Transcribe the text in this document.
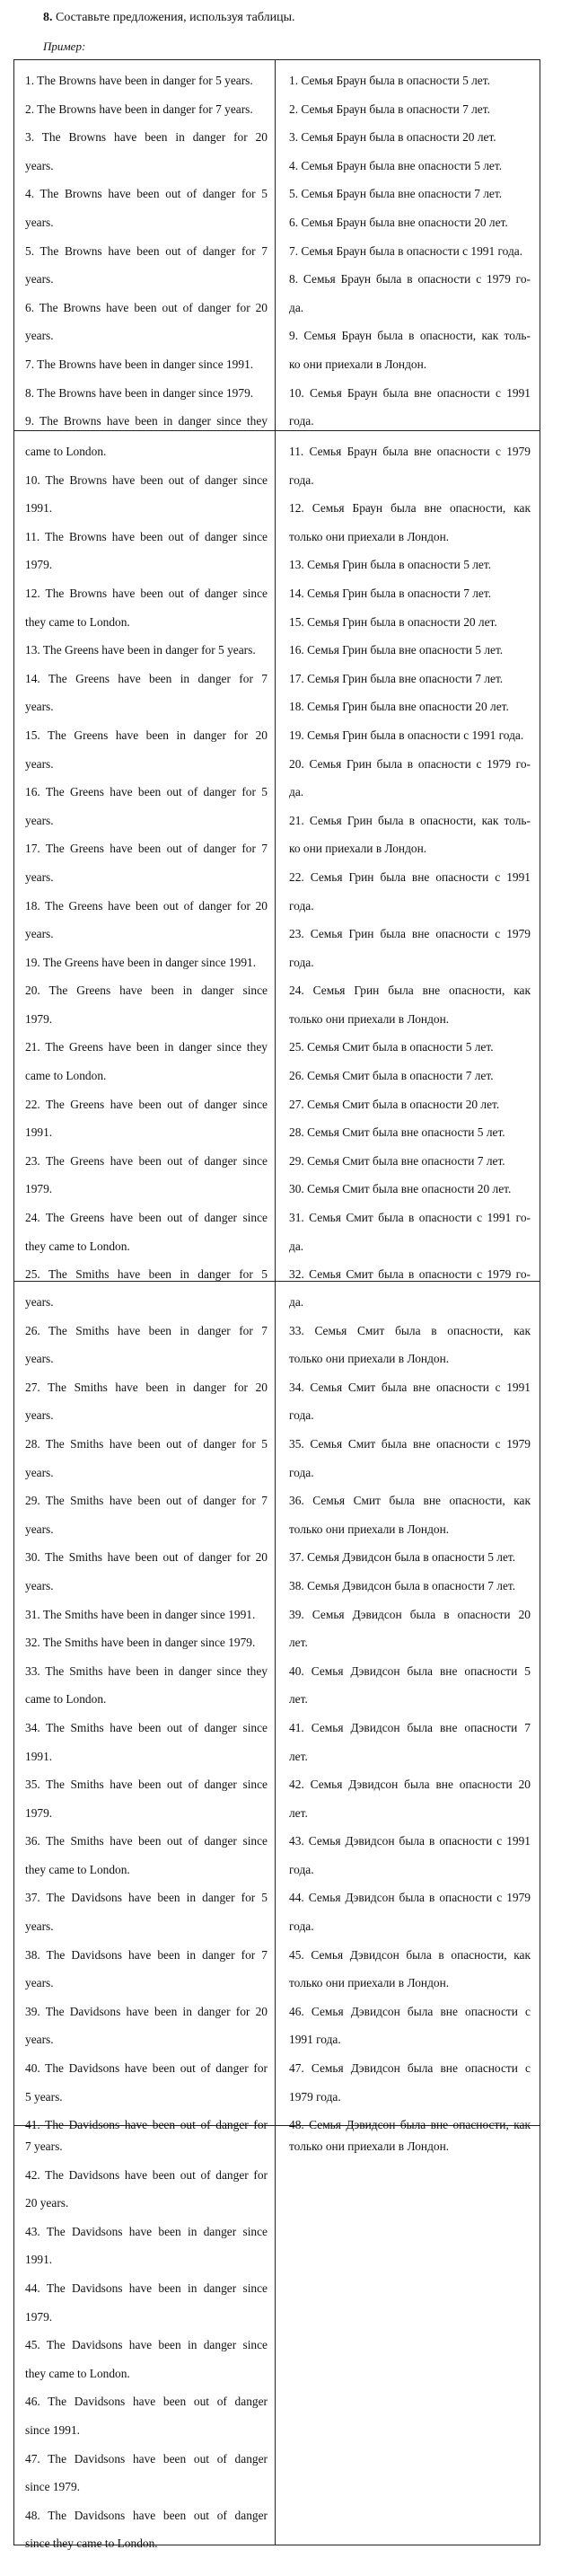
8. Составьте предложения, используя таблицы.
Пример:
1. The Browns have been in danger for 5 years.
2. The Browns have been in danger for 7 years.
3. The Browns have been in danger for 20
years.
4. The Browns have been out of danger for 5
years.
5. The Browns have been out of danger for 7
years.
6. The Browns have been out of danger for 20
years.
7. The Browns have been in danger since 1991.
8. The Browns have been in danger since 1979.
9. The Browns have been in danger since they
1. Семья Браун была в опасности 5 лет.
2. Семья Браун была в опасности 7 лет.
3. Семья Браун была в опасности 20 лет.
4. Семья Браун была вне опасности 5 лет.
5. Семья Браун была вне опасности 7 лет.
6. Семья Браун была вне опасности 20 лет.
7. Семья Браун была в опасности с 1991 года.
8. Семья Браун была в опасности с 1979 го-
да.
9. Семья Браун была в опасности, как толь-
ко они приехали в Лондон.
10. Семья Браун была вне опасности с 1991
года.
came to London.
10. The Browns have been out of danger since
1991.
11. The Browns have been out of danger since
1979.
12. The Browns have been out of danger since
they came to London.
13. The Greens have been in danger for 5 years.
14. The Greens have been in danger for 7
years.
15. The Greens have been in danger for 20
years.
16. The Greens have been out of danger for 5
years.
17. The Greens have been out of danger for 7
years.
18. The Greens have been out of danger for 20
years.
19. The Greens have been in danger since 1991.
20. The Greens have been in danger since
1979.
21. The Greens have been in danger since they
came to London.
22. The Greens have been out of danger since
1991.
23. The Greens have been out of danger since
1979.
24. The Greens have been out of danger since
they came to London.
25. The Smiths have been in danger for 5
11. Семья Браун была вне опасности с 1979
года.
12. Семья Браун была вне опасности, как
только они приехали в Лондон.
13. Семья Грин была в опасности 5 лет.
14. Семья Грин была в опасности 7 лет.
15. Семья Грин была в опасности 20 лет.
16. Семья Грин была вне опасности 5 лет.
17. Семья Грин была вне опасности 7 лет.
18. Семья Грин была вне опасности 20 лет.
19. Семья Грин была в опасности с 1991 года.
20. Семья Грин была в опасности с 1979 го-
да.
21. Семья Грин была в опасности, как толь-
ко они приехали в Лондон.
22. Семья Грин была вне опасности с 1991
года.
23. Семья Грин была вне опасности с 1979
года.
24. Семья Грин была вне опасности, как
только они приехали в Лондон.
25. Семья Смит была в опасности 5 лет.
26. Семья Смит была в опасности 7 лет.
27. Семья Смит была в опасности 20 лет.
28. Семья Смит была вне опасности 5 лет.
29. Семья Смит была вне опасности 7 лет.
30. Семья Смит была вне опасности 20 лет.
31. Семья Смит была в опасности с 1991 го-
да.
32. Семья Смит была в опасности с 1979 го-
years.
26. The Smiths have been in danger for 7
years.
27. The Smiths have been in danger for 20
years.
28. The Smiths have been out of danger for 5
years.
29. The Smiths have been out of danger for 7
years.
30. The Smiths have been out of danger for 20
years.
31. The Smiths have been in danger since 1991.
32. The Smiths have been in danger since 1979.
33. The Smiths have been in danger since they
came to London.
34. The Smiths have been out of danger since
1991.
35. The Smiths have been out of danger since
1979.
36. The Smiths have been out of danger since
they came to London.
37. The Davidsons have been in danger for 5
years.
38. The Davidsons have been in danger for 7
years.
39. The Davidsons have been in danger for 20
years.
40. The Davidsons have been out of danger for
5 years.
41. The Davidsons have been out of danger for
да.
33. Семья Смит была в опасности, как
только они приехали в Лондон.
34. Семья Смит была вне опасности с 1991
года.
35. Семья Смит была вне опасности с 1979
года.
36. Семья Смит была вне опасности, как
только они приехали в Лондон.
37. Семья Дэвидсон была в опасности 5 лет.
38. Семья Дэвидсон была в опасности 7 лет.
39. Семья Дэвидсон была в опасности 20
лет.
40. Семья Дэвидсон была вне опасности 5
лет.
41. Семья Дэвидсон была вне опасности 7
лет.
42. Семья Дэвидсон была вне опасности 20
лет.
43. Семья Дэвидсон была в опасности с 1991
года.
44. Семья Дэвидсон была в опасности с 1979
года.
45. Семья Дэвидсон была в опасности, как
только они приехали в Лондон.
46. Семья Дэвидсон была вне опасности с
1991 года.
47. Семья Дэвидсон была вне опасности с
1979 года.
48. Семья Дэвидсон была вне опасности, как
7 years.
42. The Davidsons have been out of danger for
20 years.
43. The Davidsons have been in danger since
1991.
44. The Davidsons have been in danger since
1979.
45. The Davidsons have been in danger since
they came to London.
46. The Davidsons have been out of danger
since 1991.
47. The Davidsons have been out of danger
since 1979.
48. The Davidsons have been out of danger
since they came to London.
только они приехали в Лондон.
